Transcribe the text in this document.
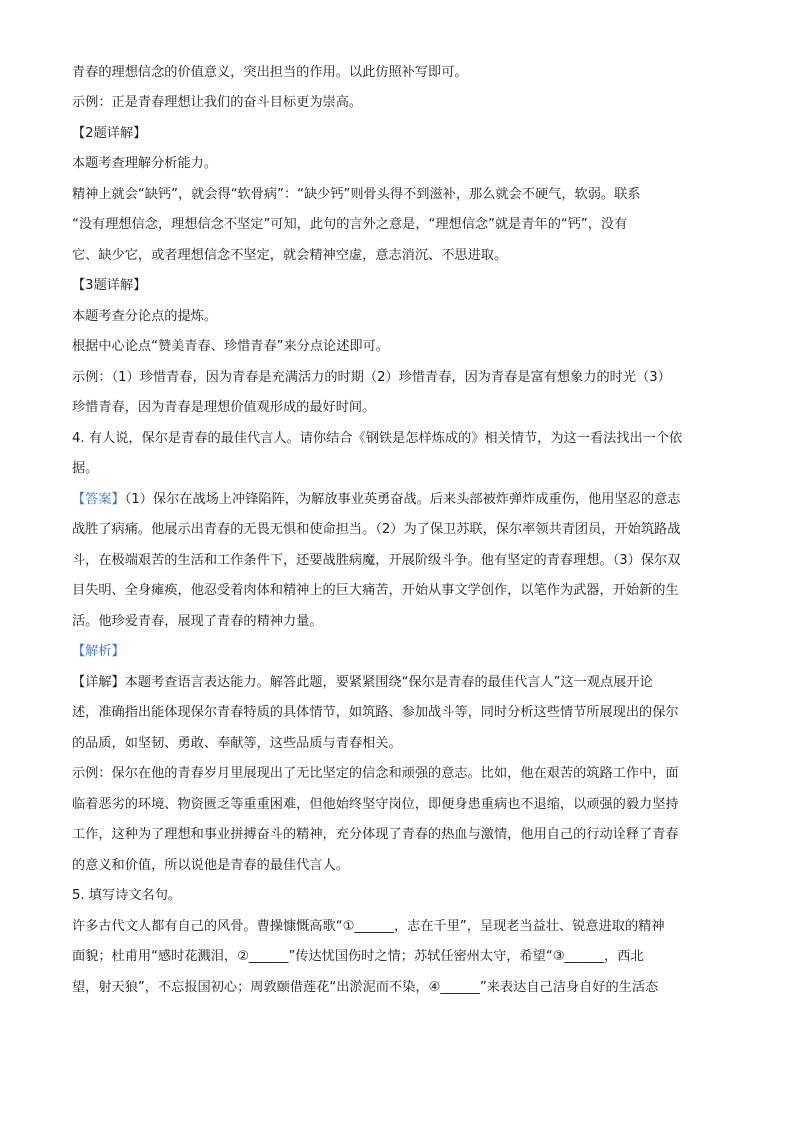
青春的理想信念的价值意义，突出担当的作用。以此仿照补写即可。
示例：正是青春理想让我们的奋斗目标更为崇高。
【2题详解】
本题考查理解分析能力。
精神上就会“缺钙”，就会得“软骨病”：“缺少钙”则骨头得不到滋补，那么就会不硬气，软弱。联系
“没有理想信念，理想信念不坚定”可知，此句的言外之意是，“理想信念”就是青年的“钙”，没有
它、缺少它，或者理想信念不坚定，就会精神空虚，意志消沉、不思进取。
【3题详解】
本题考查分论点的提炼。
根据中心论点“赞美青春、珍惜青春”来分点论述即可。
示例：（1）珍惜青春，因为青春是充满活力的时期（2）珍惜青春，因为青春是富有想象力的时光（3）
珍惜青春，因为青春是理想价值观形成的最好时间。
4. 有人说，保尔是青春的最佳代言人。请你结合《钢铁是怎样炼成的》相关情节，为这一看法找出一个依
据。
【答案】（1）保尔在战场上冲锋陷阵，为解放事业英勇奋战。后来头部被炸弹炸成重伤，他用坚忍的意志
战胜了病痛。他展示出青春的无畏无惧和使命担当。（2）为了保卫苏联，保尔率领共青团员，开始筑路战
斗，在极端艰苦的生活和工作条件下，还要战胜病魔，开展阶级斗争。他有坚定的青春理想。（3）保尔双
目失明、全身瘫痪，他忍受着肉体和精神上的巨大痛苦，开始从事文学创作，以笔作为武器，开始新的生
活。他珍爱青春，展现了青春的精神力量。
【解析】
【详解】本题考查语言表达能力。解答此题，要紧紧围绕“保尔是青春的最佳代言人”这一观点展开论
述，准确指出能体现保尔青春特质的具体情节，如筑路、参加战斗等，同时分析这些情节所展现出的保尔
的品质，如坚韧、勇敢、奉献等，这些品质与青春相关。
示例：保尔在他的青春岁月里展现出了无比坚定的信念和顽强的意志。比如，他在艰苦的筑路工作中，面
临着恶劣的环境、物资匮乏等重重困难，但他始终坚守岗位，即便身患重病也不退缩，以顽强的毅力坚持
工作，这种为了理想和事业拼搏奋斗的精神，充分体现了青春的热血与激情，他用自己的行动诠释了青春
的意义和价值，所以说他是青春的最佳代言人。
5. 填写诗文名句。
许多古代文人都有自己的风骨。曹操慷慨高歌“①______，志在千里”，呈现老当益壮、锐意进取的精神
面貌；杜甫用“感时花溅泪，②______”传达忧国伤时之情；苏轼任密州太守，希望“③______，西北
望，射天狼”，不忘报国初心；周敦颐借莲花“出淤泥而不染，④______”来表达自己洁身自好的生活态
